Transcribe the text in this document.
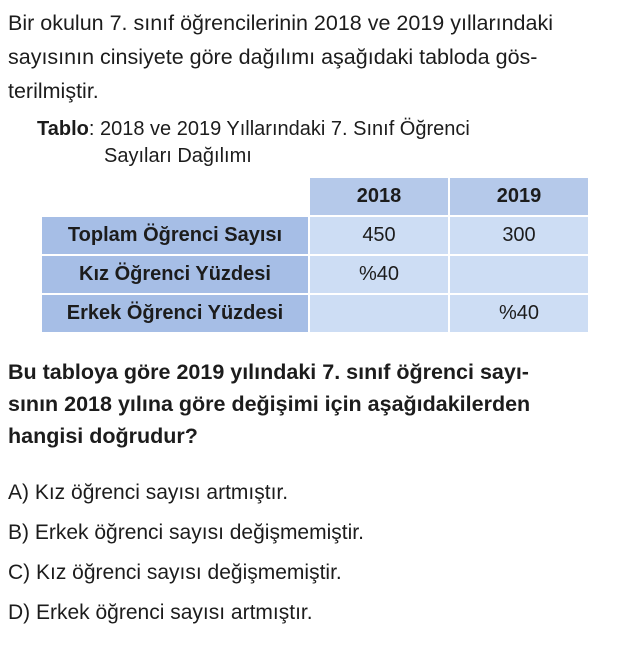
Bir okulun 7. sınıf öğrencilerinin 2018 ve 2019 yıllarındaki
sayısının cinsiyete göre dağılımı aşağıdaki tabloda gös-
terilmiştir.

Tablo: 2018 ve 2019 Yıllarındaki 7. Sınıf Öğrenci
Sayıları Dağılımı

	2018	2019
Toplam Öğrenci Sayısı	450	300
Kız Öğrenci Yüzdesi	%40	
Erkek Öğrenci Yüzdesi		%40

Bu tabloya göre 2019 yılındaki 7. sınıf öğrenci sayı-
sının 2018 yılına göre değişimi için aşağıdakilerden
hangisi doğrudur?

A) Kız öğrenci sayısı artmıştır.
B) Erkek öğrenci sayısı değişmemiştir.
C) Kız öğrenci sayısı değişmemiştir.
D) Erkek öğrenci sayısı artmıştır.
